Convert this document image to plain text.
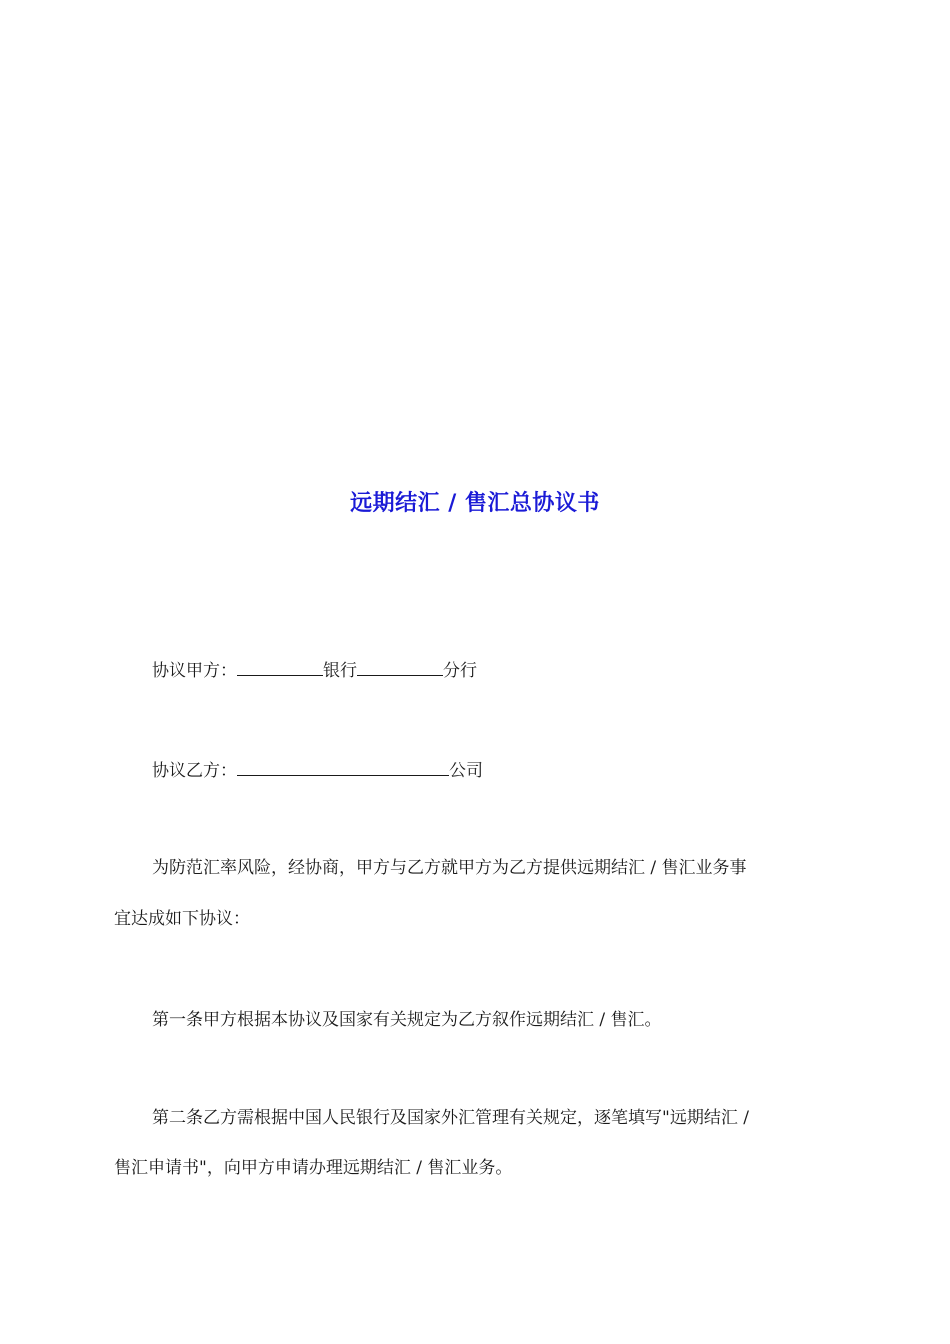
远期结汇 / 售汇总协议书

协议甲方：	银行	分行

协议乙方：	公司

为防范汇率风险，经协商，甲方与乙方就甲方为乙方提供远期结汇 / 售汇业务事

宜达成如下协议：

第一条甲方根据本协议及国家有关规定为乙方叙作远期结汇 / 售汇。

第二条乙方需根据中国人民银行及国家外汇管理有关规定，逐笔填写"远期结汇 /

售汇申请书"，向甲方申请办理远期结汇 / 售汇业务。
